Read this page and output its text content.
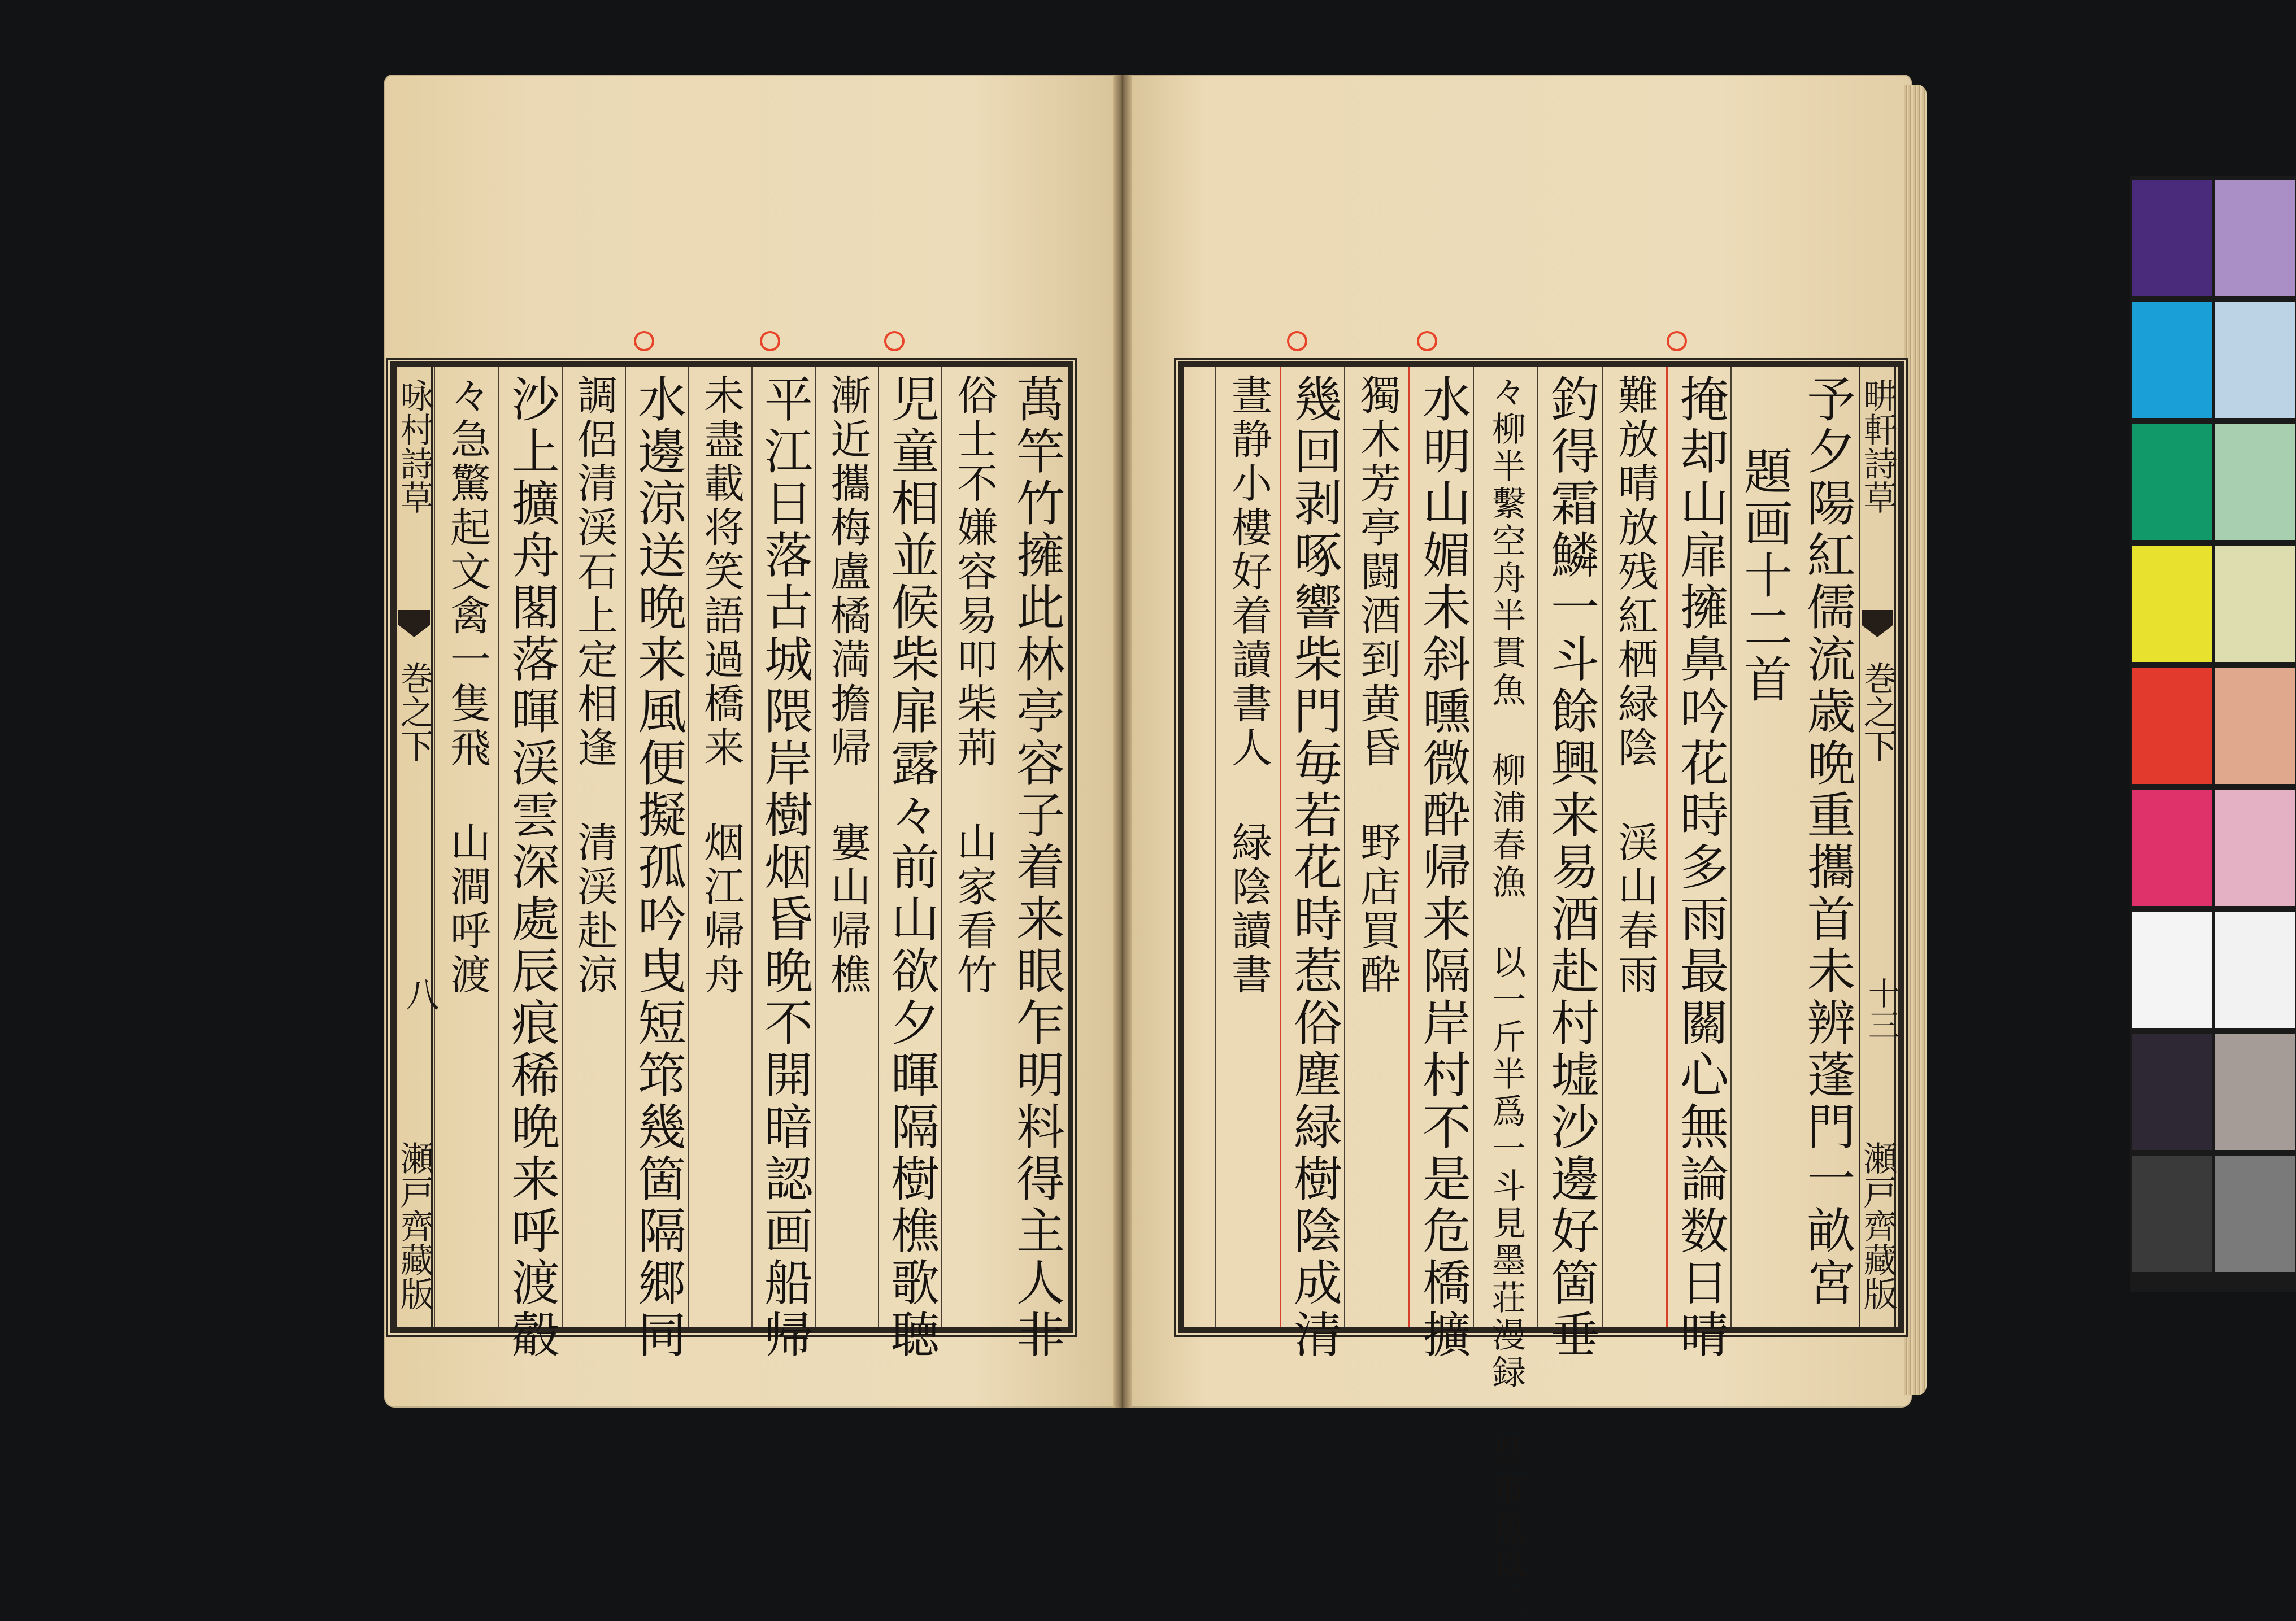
咏村詩草
巻之下
瀬戸齊藏版	萬竿竹擁此林亭容子着来眼乍明料得主人非
俗士不嫌容易叩柴荊 山家看竹
児童相並候柴扉露々前山欲夕暉隔樹樵歌聴
漸近攜梅盧橘満擔帰 寠山帰樵
平江日落古城隈岸樹烟昏晩不開暗認画船帰
未盡載将笑語過橋来 烟江帰舟
水邊涼送晩来風便擬孤吟曳短筇幾箇隔郷同
調侶清渓石上定相逢 清渓赴涼
沙上擴舟閣落暉渓雲深處辰痕稀晩来呼渡觳
々急驚起文禽一隻飛 山澗呼渡	畊軒詩草
巻之下
瀬戸齊藏版
予夕陽紅儒流歳晩重攜首未辨蓬門一畝宮
題画十二首
掩却山扉擁鼻吟花時多雨最關心無論数日晴
難放晴放残紅栖緑陰 渓山春雨
釣得霜鱗一斗餘興来易酒赴村墟沙邊好箇垂
々柳半繫空舟半貫魚 柳浦春漁 以一斤半爲一斗見墨荘漫録 呉市魚以二
水明山媚未斜曛微酔帰来隔岸村不是危橋擴
獨木芳亭闘酒到黄昏 野店買酔
幾回剥啄響柴門毎若花時惹俗塵緑樹陰成清
晝静小樓好着讀書人 緑陰讀書
八	十三
